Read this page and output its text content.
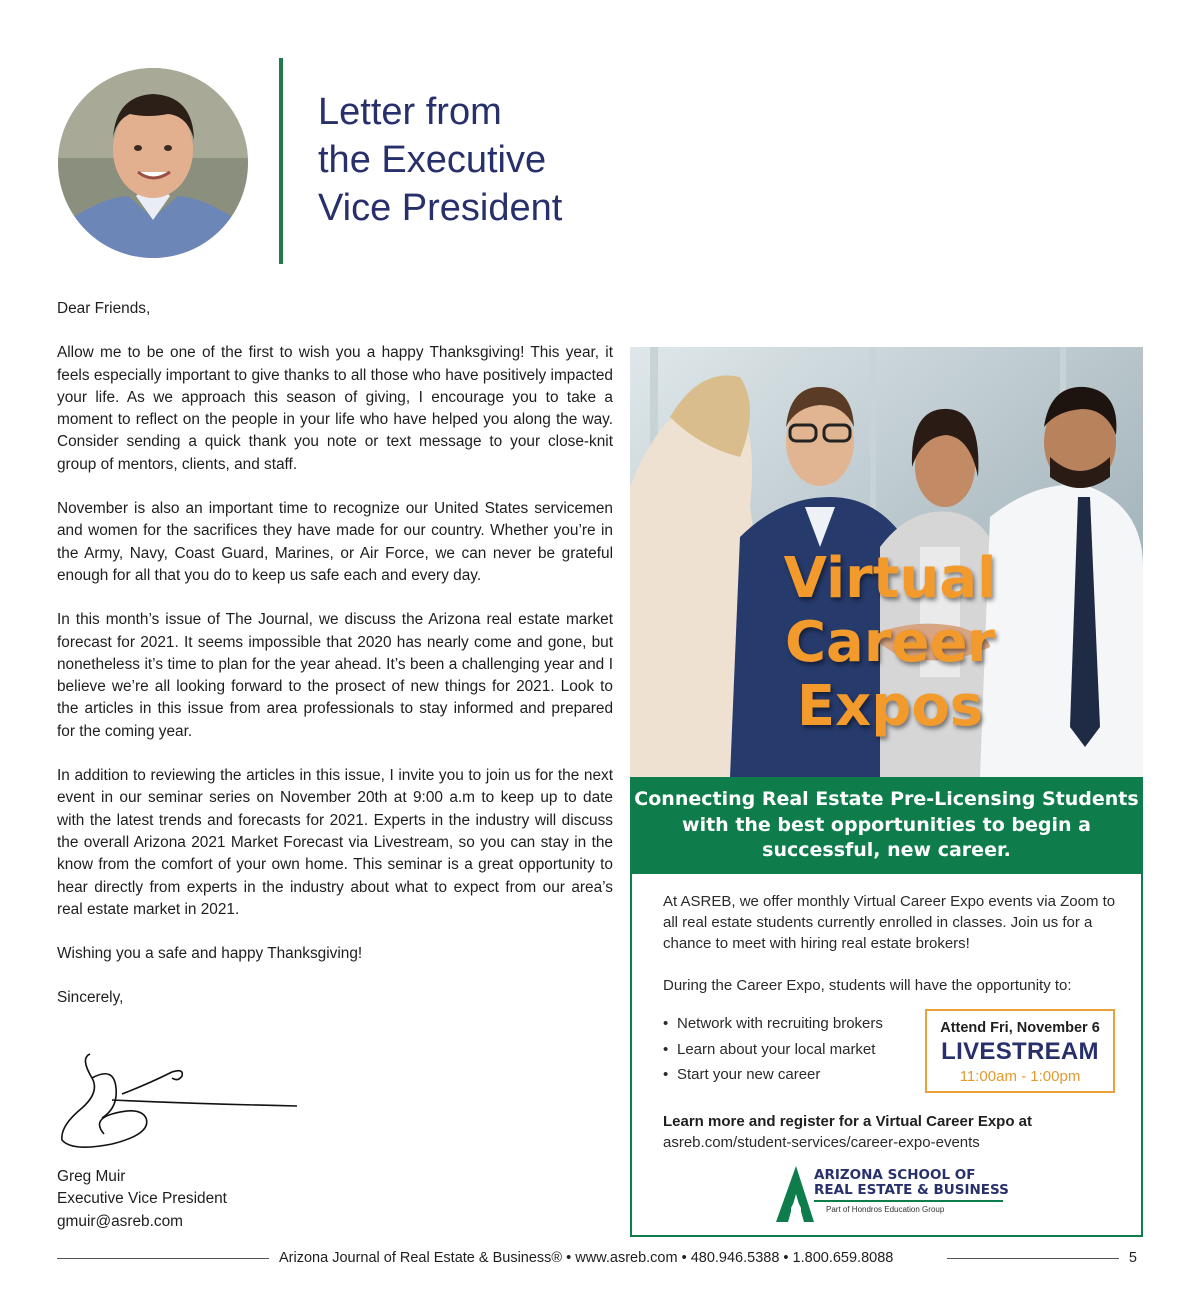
Letter from
the Executive
Vice President

Dear Friends,

Allow me to be one of the first to wish you a happy Thanksgiving! This year, it feels especially important to give thanks to all those who have positively impacted your life. As we approach this season of giving, I encourage you to take a moment to reflect on the people in your life who have helped you along the way. Consider sending a quick thank you note or text message to your close-knit group of mentors, clients, and staff.

November is also an important time to recognize our United States servicemen and women for the sacrifices they have made for our country. Whether you’re in the Army, Navy, Coast Guard, Marines, or Air Force, we can never be grateful enough for all that you do to keep us safe each and every day.

In this month’s issue of The Journal, we discuss the Arizona real estate market forecast for 2021. It seems impossible that 2020 has nearly come and gone, but nonetheless it’s time to plan for the year ahead. It’s been a challenging year and I believe we’re all looking forward to the prosect of new things for 2021. Look to the articles in this issue from area professionals to stay informed and prepared for the coming year.

In addition to reviewing the articles in this issue, I invite you to join us for the next event in our seminar series on November 20th at 9:00 a.m to keep up to date with the latest trends and forecasts for 2021. Experts in the industry will discuss the overall Arizona 2021 Market Forecast via Livestream, so you can stay in the know from the comfort of your own home. This seminar is a great opportunity to hear directly from experts in the industry about what to expect from our area’s real estate market in 2021.

Wishing you a safe and happy Thanksgiving!

Sincerely,

Greg Muir
Executive Vice President
gmuir@asreb.com
Virtual
Career
Expos
Connecting Real Estate Pre-Licensing Students
with the best opportunities to begin a
successful, new career.
At ASREB, we offer monthly Virtual Career Expo events via Zoom to all real estate students currently enrolled in classes. Join us for a chance to meet with hiring real estate brokers!
During the Career Expo, students will have the opportunity to:
• Network with recruiting brokers
• Learn about your local market
• Start your new career
Attend Fri, November 6
LIVESTREAM
11:00am - 1:00pm
Learn more and register for a Virtual Career Expo at
asreb.com/student-services/career-expo-events
ARIZONA SCHOOL OF
REAL ESTATE & BUSINESS
Part of Hondros Education Group
Arizona Journal of Real Estate & Business® • www.asreb.com • 480.946.5388 • 1.800.659.8088	5
